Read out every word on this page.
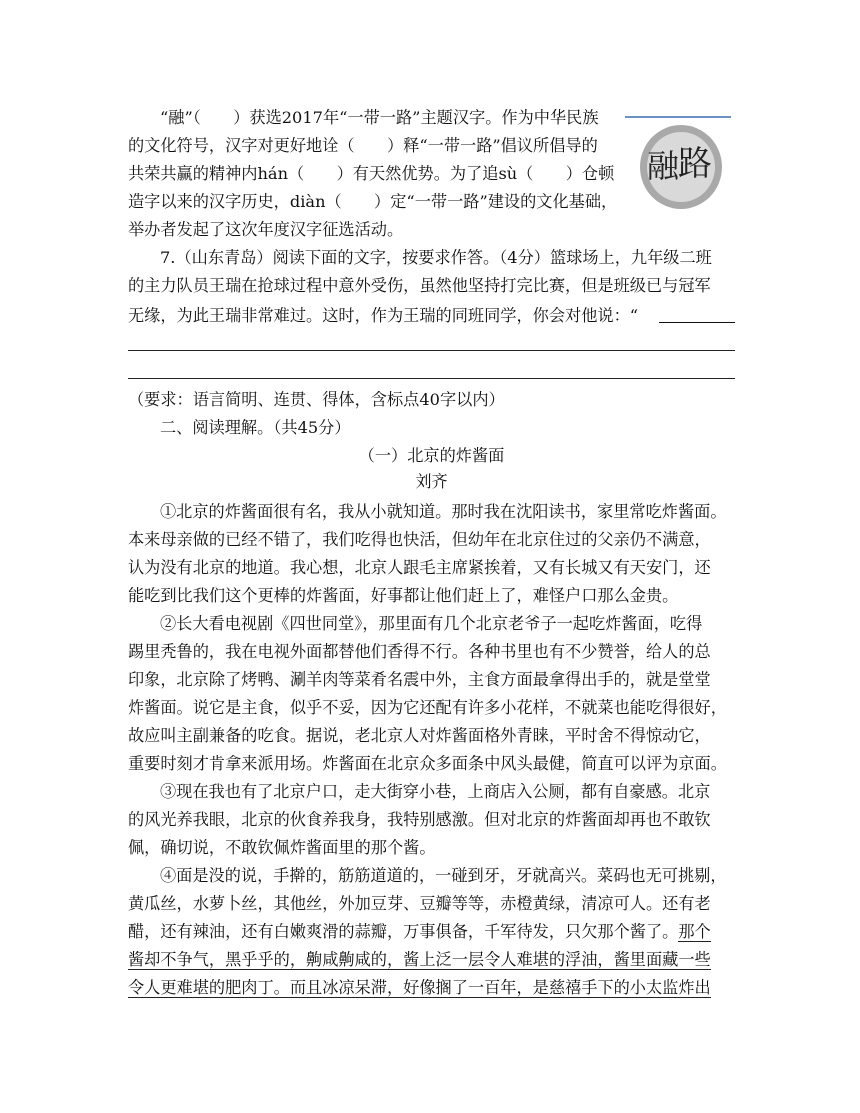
“融”（　　）获选2017年“一带一路”主题汉字。作为中华民族
的文化符号，汉字对更好地诠（　　）释“一带一路”倡议所倡导的
共荣共赢的精神内hán（　　）有天然优势。为了追sù（　　）仓顿
造字以来的汉字历史，diàn（　　）定“一带一路”建设的文化基础，
举办者发起了这次年度汉字征选活动。
融
路
7.（山东青岛）阅读下面的文字，按要求作答。（4分）篮球场上，九年级二班
的主力队员王瑞在抢球过程中意外受伤，虽然他坚持打完比赛，但是班级已与冠军
无缘，为此王瑞非常难过。这时，作为王瑞的同班同学，你会对他说：“
（要求：语言简明、连贯、得体，含标点40字以内）
二、阅读理解。（共45分）
（一）北京的炸酱面
刘齐
①北京的炸酱面很有名，我从小就知道。那时我在沈阳读书，家里常吃炸酱面。
本来母亲做的已经不错了，我们吃得也快活，但幼年在北京住过的父亲仍不满意，
认为没有北京的地道。我心想，北京人跟毛主席紧挨着，又有长城又有天安门，还
能吃到比我们这个更棒的炸酱面，好事都让他们赶上了，难怪户口那么金贵。
②长大看电视剧《四世同堂》，那里面有几个北京老爷子一起吃炸酱面，吃得
踢里秃鲁的，我在电视外面都替他们香得不行。各种书里也有不少赞誉，给人的总
印象，北京除了烤鸭、涮羊肉等菜肴名震中外，主食方面最拿得出手的，就是堂堂
炸酱面。说它是主食，似乎不妥，因为它还配有许多小花样，不就菜也能吃得很好，
故应叫主副兼备的吃食。据说，老北京人对炸酱面格外青睐，平时舍不得惊动它，
重要时刻才肯拿来派用场。炸酱面在北京众多面条中风头最健，简直可以评为京面。
③现在我也有了北京户口，走大街穿小巷，上商店入公厕，都有自豪感。北京
的风光养我眼，北京的伙食养我身，我特别感激。但对北京的炸酱面却再也不敢钦
佩，确切说，不敢钦佩炸酱面里的那个酱。
④面是没的说，手擀的，筋筋道道的，一碰到牙，牙就高兴。菜码也无可挑剔，
黄瓜丝，水萝卜丝，其他丝，外加豆芽、豆瓣等等，赤橙黄绿，清凉可人。还有老
醋，还有辣油，还有白嫩爽滑的蒜瓣，万事俱备，千军待发，只欠那个酱了。那个
酱却不争气，黑乎乎的，齁咸齁咸的，酱上泛一层令人难堪的浮油，酱里面藏一些
令人更难堪的肥肉丁。而且冰凉呆滞，好像搁了一百年，是慈禧手下的小太监炸出
